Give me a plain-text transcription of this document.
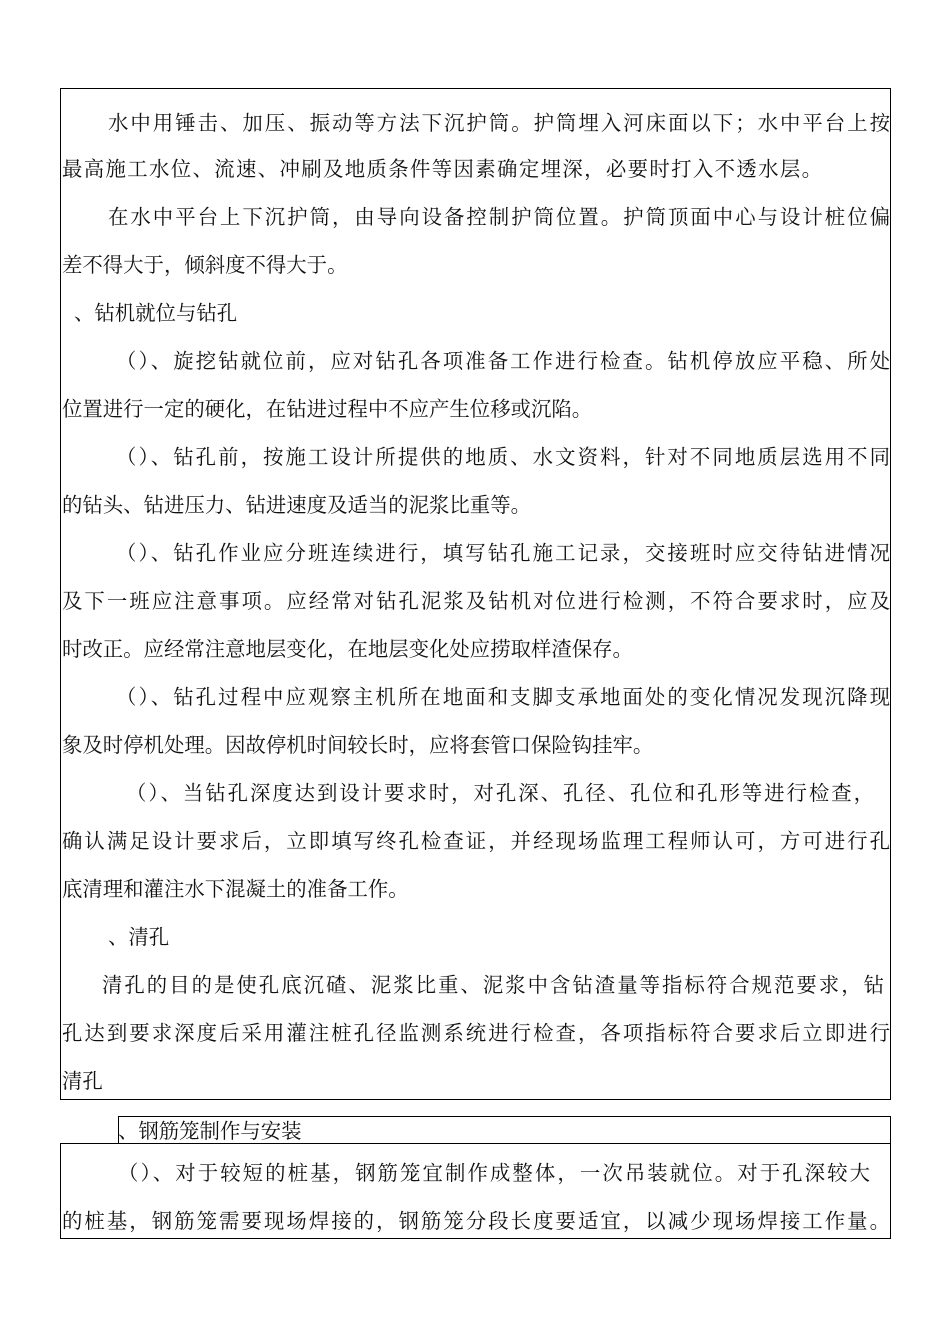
水中用锤击、加压、振动等方法下沉护筒。护筒埋入河床面以下；水中平台上按
最高施工水位、流速、冲刷及地质条件等因素确定埋深，必要时打入不透水层。
在水中平台上下沉护筒，由导向设备控制护筒位置。护筒顶面中心与设计桩位偏
差不得大于，倾斜度不得大于。
、钻机就位与钻孔
（）、旋挖钻就位前，应对钻孔各项准备工作进行检查。钻机停放应平稳、所处
位置进行一定的硬化，在钻进过程中不应产生位移或沉陷。
（）、钻孔前，按施工设计所提供的地质、水文资料，针对不同地质层选用不同
的钻头、钻进压力、钻进速度及适当的泥浆比重等。
（）、钻孔作业应分班连续进行，填写钻孔施工记录，交接班时应交待钻进情况
及下一班应注意事项。应经常对钻孔泥浆及钻机对位进行检测，不符合要求时，应及
时改正。应经常注意地层变化，在地层变化处应捞取样渣保存。
（）、钻孔过程中应观察主机所在地面和支脚支承地面处的变化情况发现沉降现
象及时停机处理。因故停机时间较长时，应将套管口保险钩挂牢。
（）、当钻孔深度达到设计要求时，对孔深、孔径、孔位和孔形等进行检查，
确认满足设计要求后，立即填写终孔检查证，并经现场监理工程师认可，方可进行孔
底清理和灌注水下混凝土的准备工作。
、清孔
清孔的目的是使孔底沉碴、泥浆比重、泥浆中含钻渣量等指标符合规范要求，钻
孔达到要求深度后采用灌注桩孔径监测系统进行检查，各项指标符合要求后立即进行
清孔
、钢筋笼制作与安装
（）、对于较短的桩基，钢筋笼宜制作成整体，一次吊装就位。对于孔深较大
的桩基，钢筋笼需要现场焊接的，钢筋笼分段长度要适宜，以减少现场焊接工作量。
